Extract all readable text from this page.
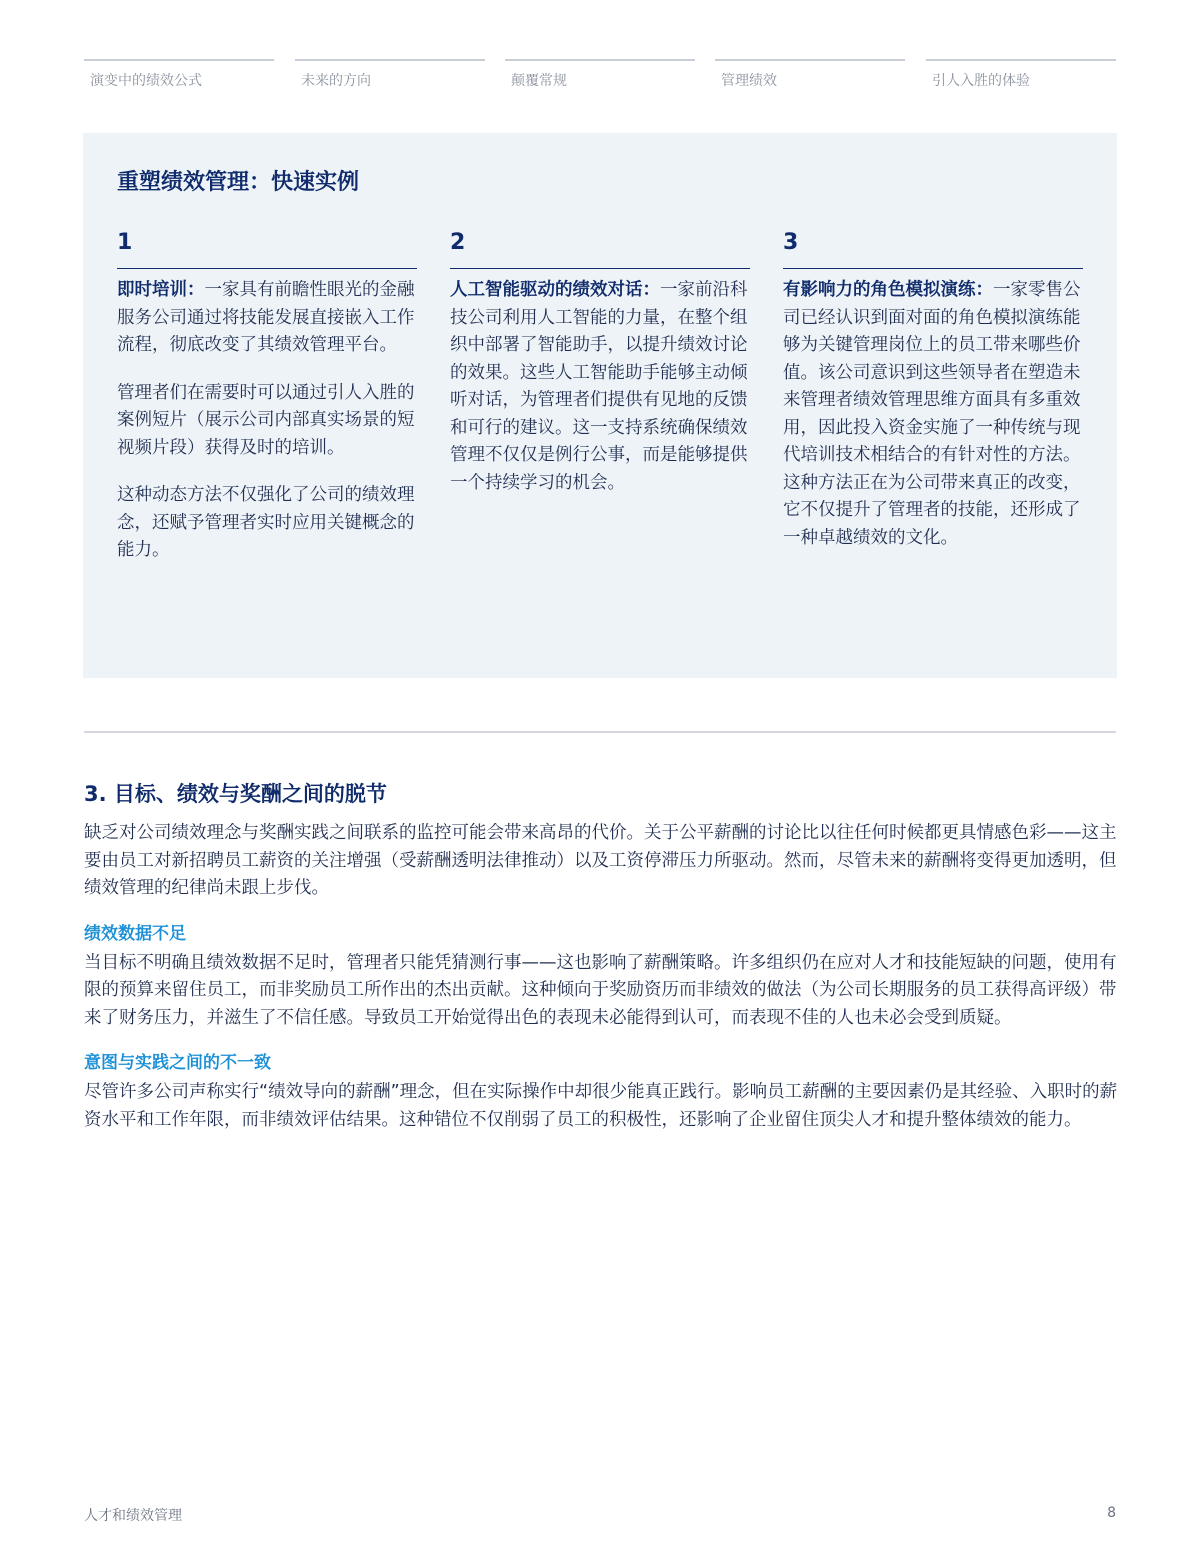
演变中的绩效公式	未来的方向	颠覆常规	管理绩效	引人入胜的体验
重塑绩效管理：快速实例
1

即时培训：一家具有前瞻性眼光的金融服务公司通过将技能发展直接嵌入工作流程，彻底改变了其绩效管理平台。

管理者们在需要时可以通过引人入胜的案例短片（展示公司内部真实场景的短视频片段）获得及时的培训。

这种动态方法不仅强化了公司的绩效理念，还赋予管理者实时应用关键概念的能力。

2

人工智能驱动的绩效对话：一家前沿科技公司利用人工智能的力量，在整个组织中部署了智能助手，以提升绩效讨论的效果。这些人工智能助手能够主动倾听对话，为管理者们提供有见地的反馈和可行的建议。这一支持系统确保绩效管理不仅仅是例行公事，而是能够提供一个持续学习的机会。

3

有影响力的角色模拟演练：一家零售公司已经认识到面对面的角色模拟演练能够为关键管理岗位上的员工带来哪些价值。该公司意识到这些领导者在塑造未来管理者绩效管理思维方面具有多重效用，因此投入资金实施了一种传统与现代培训技术相结合的有针对性的方法。这种方法正在为公司带来真正的改变，它不仅提升了管理者的技能，还形成了一种卓越绩效的文化。

3. 目标、绩效与奖酬之间的脱节

缺乏对公司绩效理念与奖酬实践之间联系的监控可能会带来高昂的代价。关于公平薪酬的讨论比以往任何时候都更具情感色彩——这主要由员工对新招聘员工薪资的关注增强（受薪酬透明法律推动）以及工资停滞压力所驱动。然而，尽管未来的薪酬将变得更加透明，但绩效管理的纪律尚未跟上步伐。

绩效数据不足

当目标不明确且绩效数据不足时，管理者只能凭猜测行事——这也影响了薪酬策略。许多组织仍在应对人才和技能短缺的问题，使用有限的预算来留住员工，而非奖励员工所作出的杰出贡献。这种倾向于奖励资历而非绩效的做法（为公司长期服务的员工获得高评级）带来了财务压力，并滋生了不信任感。导致员工开始觉得出色的表现未必能得到认可，而表现不佳的人也未必会受到质疑。

意图与实践之间的不一致

尽管许多公司声称实行“绩效导向的薪酬”理念，但在实际操作中却很少能真正践行。影响员工薪酬的主要因素仍是其经验、入职时的薪资水平和工作年限，而非绩效评估结果。这种错位不仅削弱了员工的积极性，还影响了企业留住顶尖人才和提升整体绩效的能力。

人才和绩效管理	8
